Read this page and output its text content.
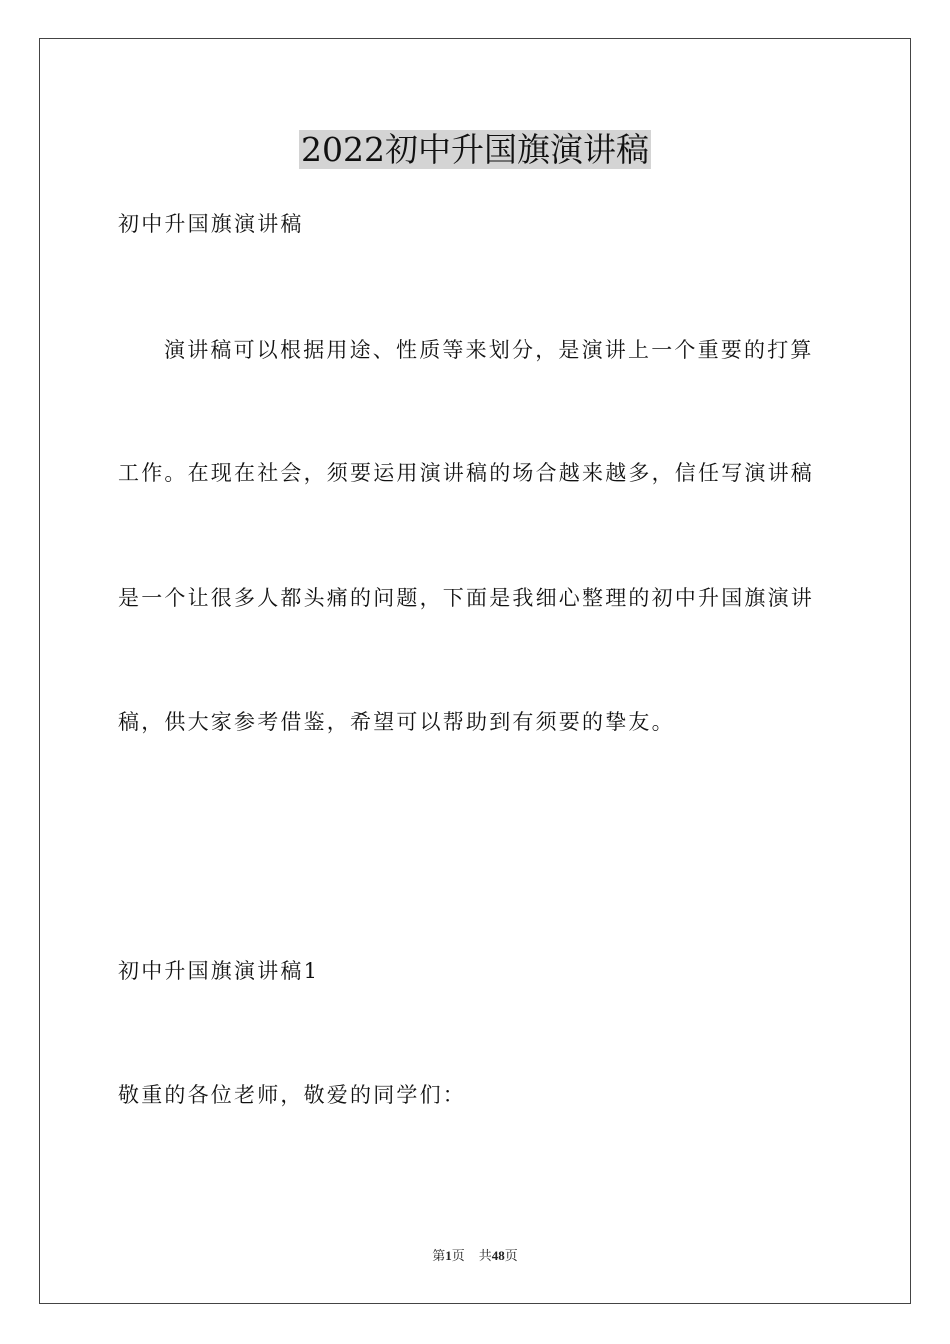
2022初中升国旗演讲稿
初中升国旗演讲稿
演讲稿可以根据用途、性质等来划分，是演讲上一个重要的打算
工作。在现在社会，须要运用演讲稿的场合越来越多，信任写演讲稿
是一个让很多人都头痛的问题，下面是我细心整理的初中升国旗演讲
稿，供大家参考借鉴，希望可以帮助到有须要的挚友。
初中升国旗演讲稿1
敬重的各位老师，敬爱的同学们：
第1页 共48页
